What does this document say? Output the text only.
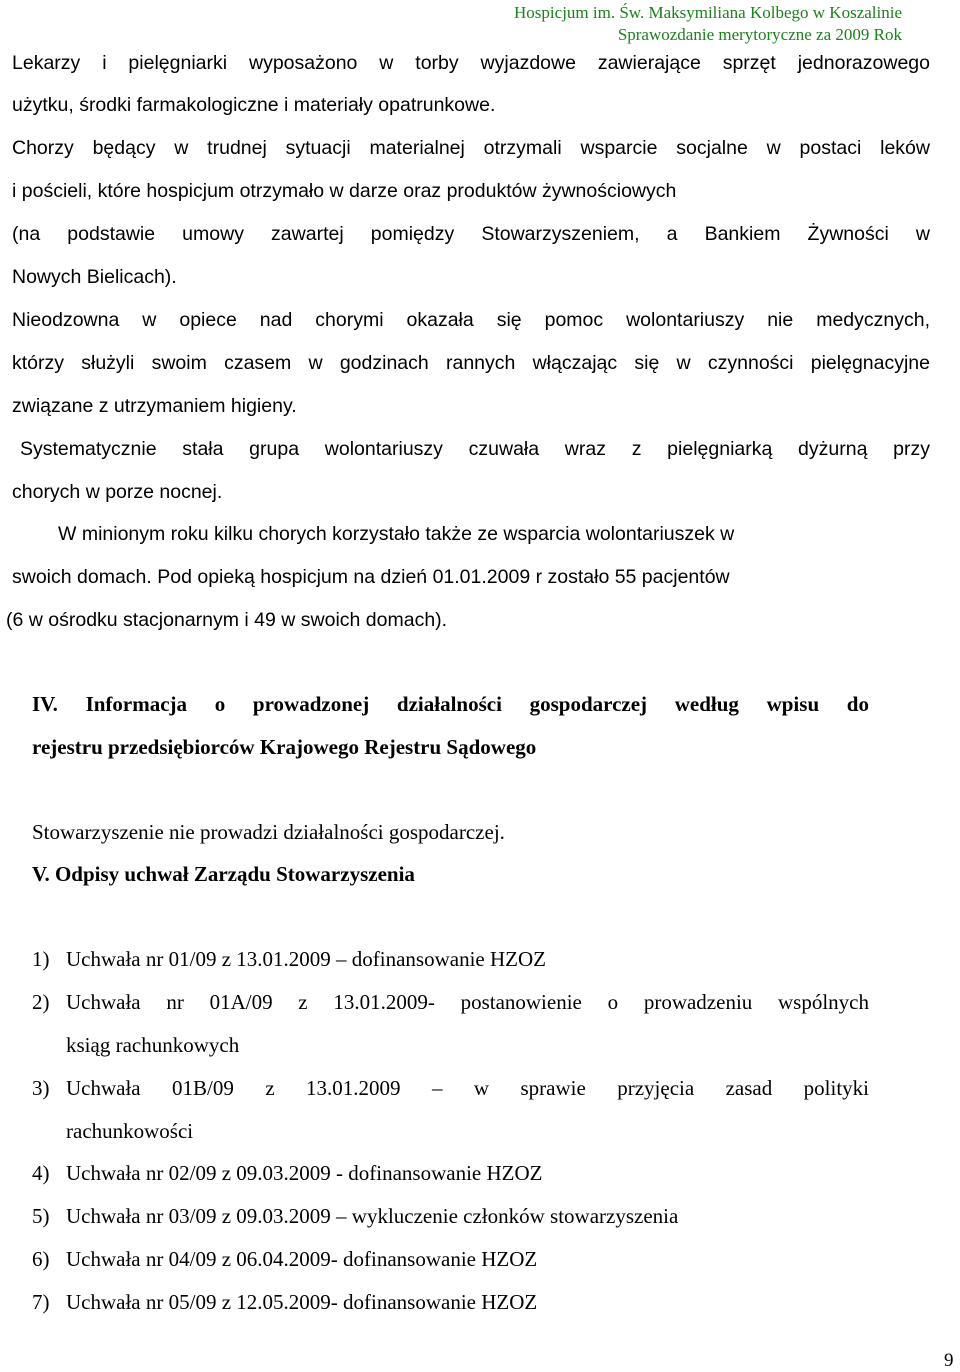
Hospicjum im. Św. Maksymiliana Kolbego w Koszalinie
Sprawozdanie merytoryczne za 2009 Rok
Lekarzy i pielęgniarki wyposażono w torby wyjazdowe zawierające sprzęt jednorazowego
użytku, środki farmakologiczne i materiały opatrunkowe.
Chorzy będący w trudnej sytuacji materialnej otrzymali wsparcie socjalne w postaci leków
i pościeli, które hospicjum otrzymało w darze oraz produktów żywnościowych
(na podstawie umowy zawartej pomiędzy Stowarzyszeniem, a Bankiem Żywności w
Nowych Bielicach).
Nieodzowna w opiece nad chorymi okazała się pomoc wolontariuszy nie medycznych,
którzy służyli swoim czasem w godzinach rannych włączając się w czynności pielęgnacyjne
związane z utrzymaniem higieny.
Systematycznie stała grupa wolontariuszy czuwała wraz z pielęgniarką dyżurną przy
chorych w porze nocnej.
W minionym roku kilku chorych korzystało także ze wsparcia wolontariuszek w
swoich domach. Pod opieką hospicjum na dzień 01.01.2009 r zostało 55 pacjentów
(6 w ośrodku stacjonarnym i 49 w swoich domach).
IV. Informacja o prowadzonej działalności gospodarczej według wpisu do
rejestru przedsiębiorców Krajowego Rejestru Sądowego
Stowarzyszenie nie prowadzi działalności gospodarczej.
V. Odpisy uchwał Zarządu Stowarzyszenia
1) Uchwała nr 01/09 z 13.01.2009 – dofinansowanie HZOZ
2) Uchwała nr 01A/09 z 13.01.2009- postanowienie o prowadzeniu wspólnych
ksiąg rachunkowych
3) Uchwała 01B/09 z 13.01.2009 – w sprawie przyjęcia zasad polityki
rachunkowości
4) Uchwała nr 02/09 z 09.03.2009 - dofinansowanie HZOZ
5) Uchwała nr 03/09 z 09.03.2009 – wykluczenie członków stowarzyszenia
6) Uchwała nr 04/09 z 06.04.2009- dofinansowanie HZOZ
7) Uchwała nr 05/09 z 12.05.2009- dofinansowanie HZOZ
9
